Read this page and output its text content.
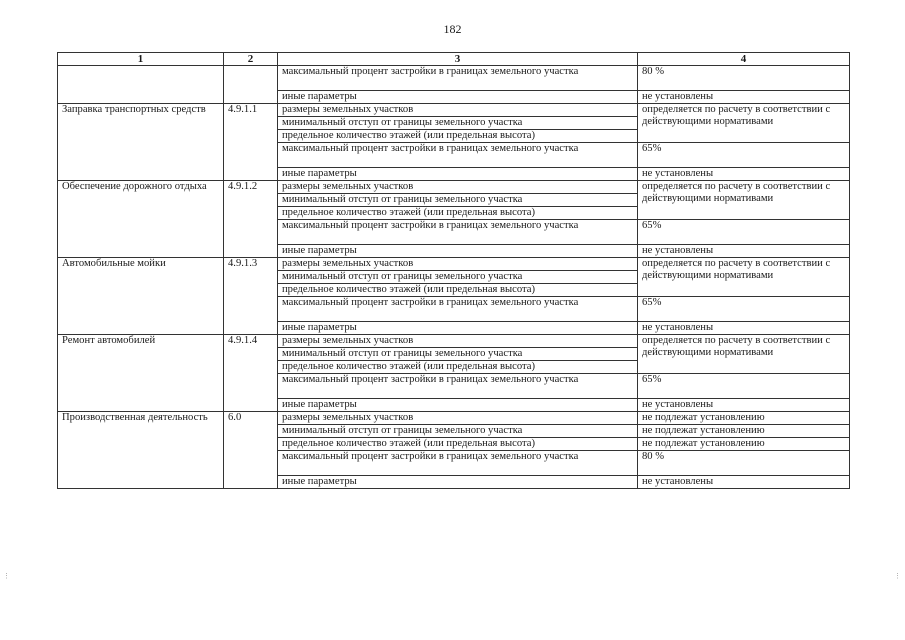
182
1	2	3	4
		максимальный процент застройки в границах земельного участка	80 %
		иные параметры	не установлены
Заправка транспортных средств	4.9.1.1	размеры земельных участков	определяется по расчету в соответствии с действующими нормативами
		минимальный отступ от границы земельного участка	
		предельное количество этажей (или предельная высота)	
		максимальный процент застройки в границах земельного участка	65%
		иные параметры	не установлены
Обеспечение дорожного отдыха	4.9.1.2	размеры земельных участков	определяется по расчету в соответствии с действующими нормативами
		минимальный отступ от границы земельного участка	
		предельное количество этажей (или предельная высота)	
		максимальный процент застройки в границах земельного участка	65%
		иные параметры	не установлены
Автомобильные мойки	4.9.1.3	размеры земельных участков	определяется по расчету в соответствии с действующими нормативами
		минимальный отступ от границы земельного участка	
		предельное количество этажей (или предельная высота)	
		максимальный процент застройки в границах земельного участка	65%
		иные параметры	не установлены
Ремонт автомобилей	4.9.1.4	размеры земельных участков	определяется по расчету в соответствии с действующими нормативами
		минимальный отступ от границы земельного участка	
		предельное количество этажей (или предельная высота)	
		максимальный процент застройки в границах земельного участка	65%
		иные параметры	не установлены
Производственная деятельность	6.0	размеры земельных участков	не подлежат установлению
		минимальный отступ от границы земельного участка	не подлежат установлению
		предельное количество этажей (или предельная высота)	не подлежат установлению
		максимальный процент застройки в границах земельного участка	80 %
		иные параметры	не установлены
⋮	⋮
